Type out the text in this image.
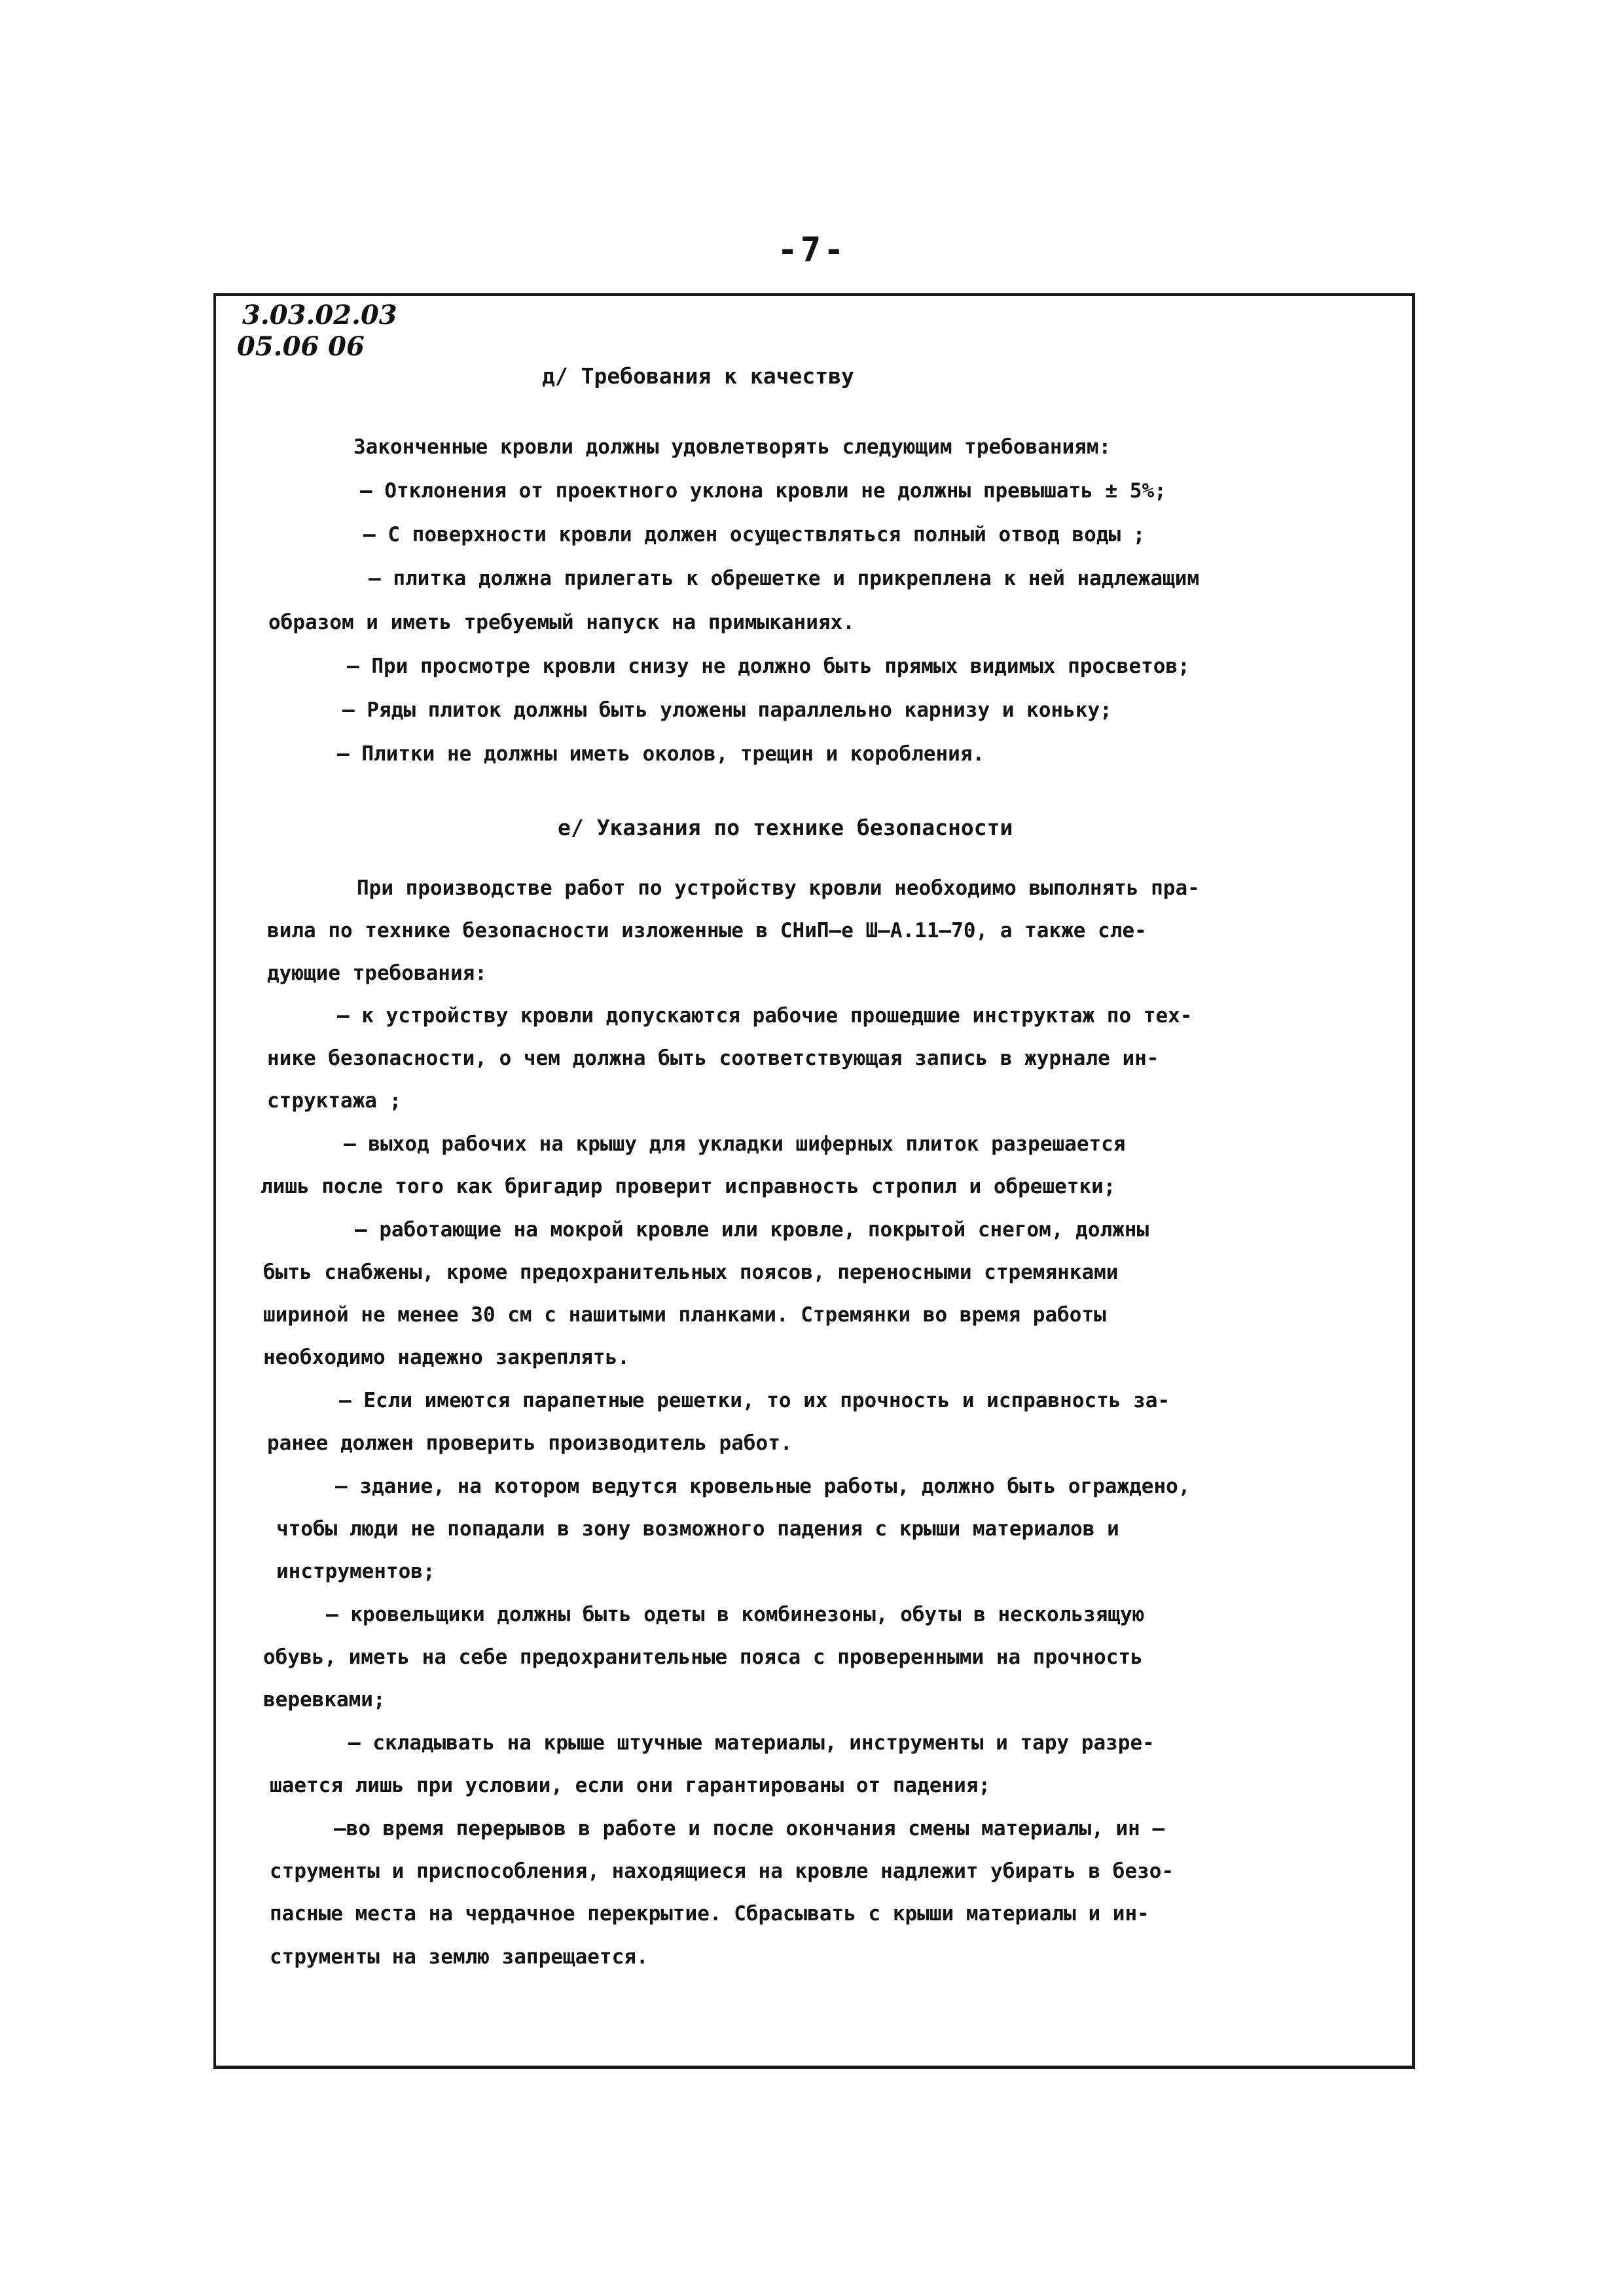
-7-
3.03.02.03
05.06 06
д/ Требования к качеству
Законченные кровли должны удовлетворять следующим требованиям:
– Отклонения от проектного уклона кровли не должны превышать ± 5%;
– С поверхности кровли должен осуществляться полный отвод воды ;
– плитка должна прилегать к обрешетке и прикреплена к ней надлежащим
образом и иметь требуемый напуск на примыканиях.
– При просмотре кровли снизу не должно быть прямых видимых просветов;
– Ряды плиток должны быть уложены параллельно карнизу и коньку;
– Плитки не должны иметь околов, трещин и коробления.
е/ Указания по технике безопасности
При производстве работ по устройству кровли необходимо выполнять пра-
вила по технике безопасности изложенные в СНиП–е Ш–А.11–70, а также сле-
дующие требования:
– к устройству кровли допускаются рабочие прошедшие инструктаж по тех-
нике безопасности, о чем должна быть соответствующая запись в журнале ин-
структажа ;
– выход рабочих на крышу для укладки шиферных плиток разрешается
лишь после того как бригадир проверит исправность стропил и обрешетки;
– работающие на мокрой кровле или кровле, покрытой снегом, должны
быть снабжены, кроме предохранительных поясов, переносными стремянками
шириной не менее 30 см с нашитыми планками. Стремянки во время работы
необходимо надежно закреплять.
– Если имеются парапетные решетки, то их прочность и исправность за-
ранее должен проверить производитель работ.
– здание, на котором ведутся кровельные работы, должно быть ограждено,
чтобы люди не попадали в зону возможного падения с крыши материалов и
инструментов;
– кровельщики должны быть одеты в комбинезоны, обуты в нескользящую
обувь, иметь на себе предохранительные пояса с проверенными на прочность
веревками;
– складывать на крыше штучные материалы, инструменты и тару разре-
шается лишь при условии, если они гарантированы от падения;
–во время перерывов в работе и после окончания смены материалы, ин –
струменты и приспособления, находящиеся на кровле надлежит убирать в безо-
пасные места на чердачное перекрытие. Сбрасывать с крыши материалы и ин-
струменты на землю запрещается.
